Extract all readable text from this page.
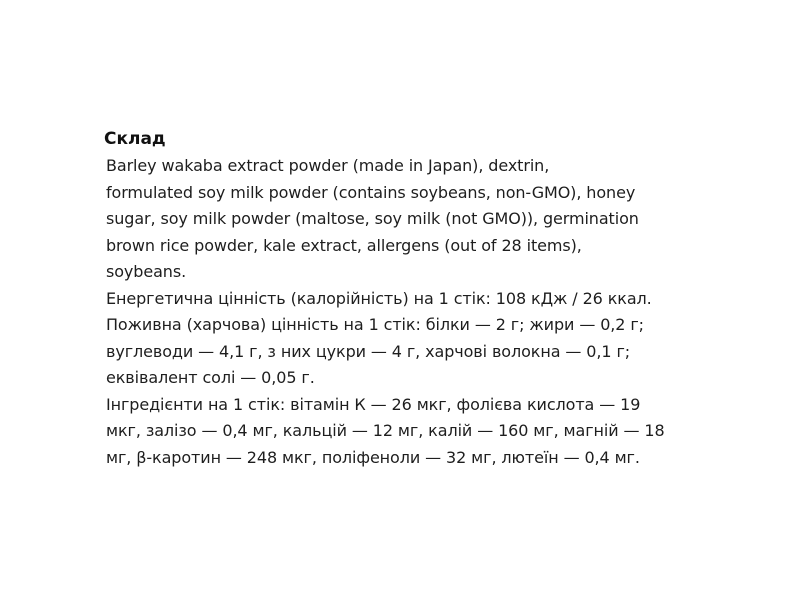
Склад
Barley wakaba extract powder (made in Japan), dextrin,
formulated soy milk powder (contains soybeans, non-GMO), honey
sugar, soy milk powder (maltose, soy milk (not GMO)), germination
brown rice powder, kale extract, allergens (out of 28 items),
soybeans.
Енергетична цінність (калорійність) на 1 стік: 108 кДж / 26 ккал.
Поживна (харчова) цінність на 1 стік: білки — 2 г; жири — 0,2 г;
вуглеводи — 4,1 г, з них цукри — 4 г, харчові волокна — 0,1 г;
еквівалент солі — 0,05 г.
Інгредієнти на 1 стік: вітамін К — 26 мкг, фолієва кислота — 19
мкг, залізо — 0,4 мг, кальцій — 12 мг, калій — 160 мг, магній — 18
мг, β-каротин — 248 мкг, поліфеноли — 32 мг, лютеїн — 0,4 мг.
